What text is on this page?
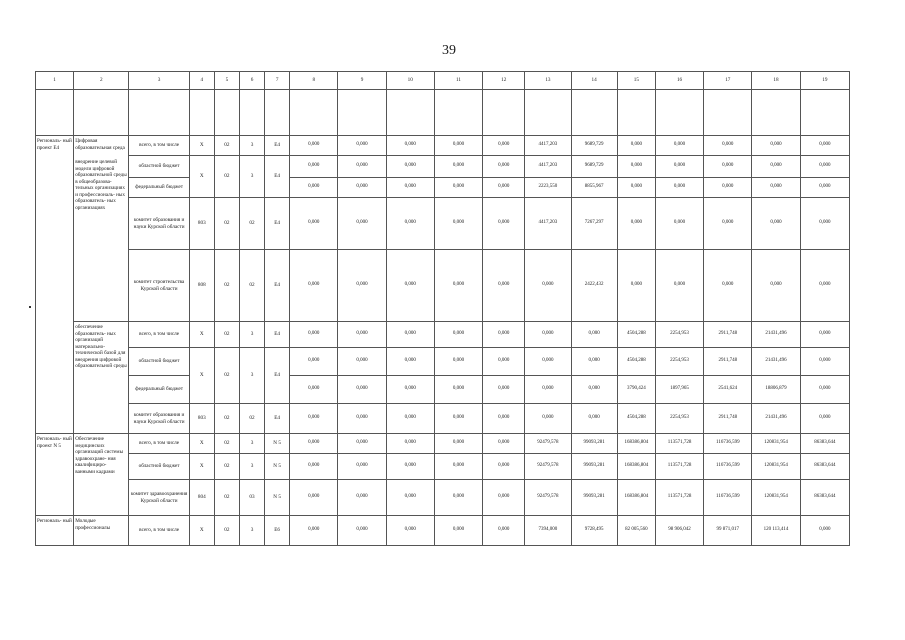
39
1	2	3	4	5	6	7	8	9	10	11	12	13	14	15	16	17	18	19

Региональ- ный проект Е4	Цифровая образовательная среда
внедрение целевой модели цифровой образовательной среды в общеобразова- тельных организациях и профессиональ- ных образователь- ных организациях	всего, в том числе	Х	02	3	Е4	0,000	0,000	0,000	0,000	0,000	4417,203	9689,729	0,000	0,000	0,000	0,000	0,000
		областной бюджет	Х	02	3	Е4	0,000	0,000	0,000	0,000	0,000	4417,203	9689,729	0,000	0,000	0,000	0,000	0,000
		федеральный бюджет					0,000	0,000	0,000	0,000	0,000	2223,550	8855,967	0,000	0,000	0,000	0,000	0,000
		комитет образования и науки Курской области	803	02	02	Е4	0,000	0,000	0,000	0,000	0,000	4417,203	7267,297	0,000	0,000	0,000	0,000	0,000
		комитет строительства Курской области	808	02	02	Е4	0,000	0,000	0,000	0,000	0,000	0,000	2422,432	0,000	0,000	0,000	0,000	0,000
	обеспечение образователь- ных организаций материально- технической базой для внедрения цифровой образовательной среды	всего, в том числе	Х	02	3	Е4	0,000	0,000	0,000	0,000	0,000	0,000	0,000	4504,288	2254,953	2911,748	21431,496	0,000
		областной бюджет	Х	02	3	Е4	0,000	0,000	0,000	0,000	0,000	0,000	0,000	4504,288	2254,953	2911,748	21431,496	0,000
		федеральный бюджет					0,000	0,000	0,000	0,000	0,000	0,000	0,000	3790,424	1897,965	2541,624	18806,879	0,000
		комитет образования и науки Курской области	803	02	02	Е4	0,000	0,000	0,000	0,000	0,000	0,000	0,000	4504,288	2254,953	2911,748	21431,496	0,000
Региональ- ный проект N 5	Обеспечение медицинских организаций системы здравоохране- ния квалифициро- ванными кадрами	всего, в том числе	Х	02	3	N 5	0,000	0,000	0,000	0,000	0,000	92479,578	99093,281	168386,804	113571,728	116736,599	120831,954	86383,644
		областной бюджет	Х	02	3	N 5	0,000	0,000	0,000	0,000	0,000	92479,578	99093,281	168386,804	113571,728	116736,599	120831,954	86383,644
		комитет здравоохранения Курской области	804	02	03	N 5	0,000	0,000	0,000	0,000	0,000	92479,578	99093,281	168386,804	113571,728	116736,599	120831,954	86383,644
Региональ- ный	Молодые профессионалы	всего, в том числе	Х	02	3	Е6	0,000	0,000	0,000	0,000	0,000	7394,000	9728,495	82 005,560	98 906,042	99 871,017	120 113,414	0,000
